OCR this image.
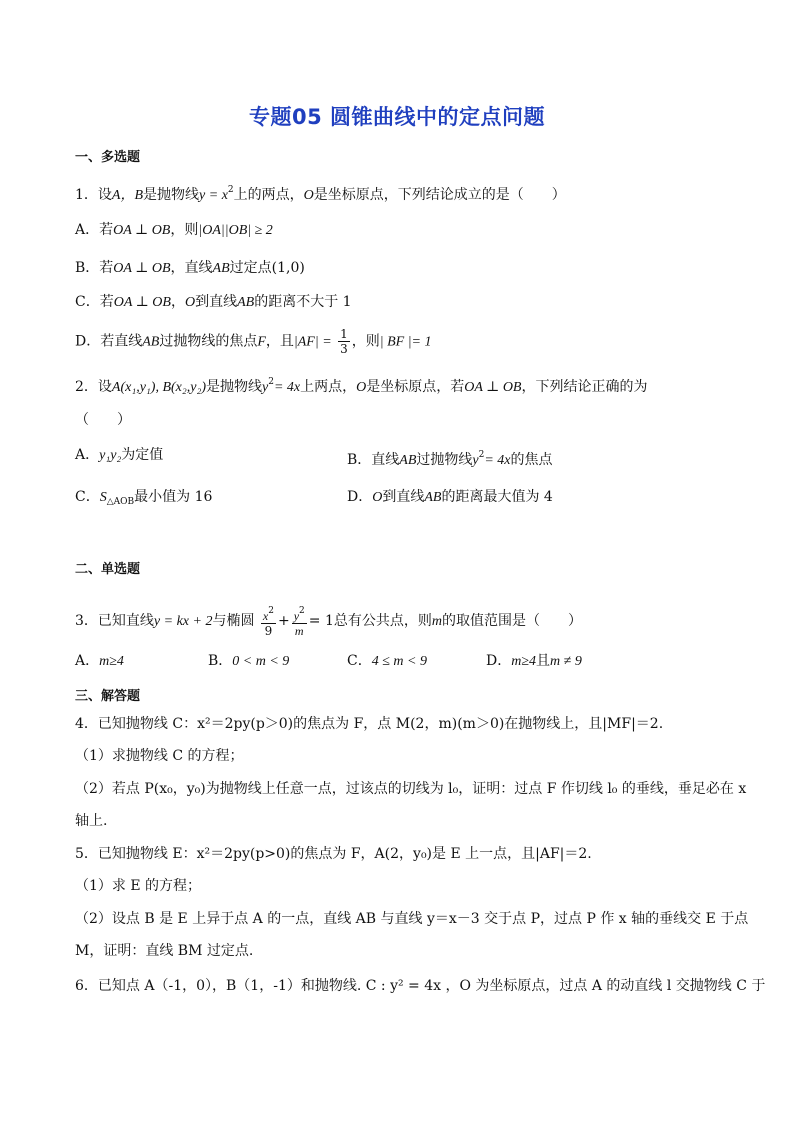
专题05 圆锥曲线中的定点问题
一、多选题
1．设A，B是抛物线$y = x^2$上的两点，O是坐标原点，下列结论成立的是（　　）
A．若OA ⊥ OB，则|OA||OB| ≥ 2
B．若OA ⊥ OB，直线AB过定点(1,0)
C．若OA ⊥ OB，O到直线AB的距离不大于 1
D．若直线AB过抛物线的焦点F，且$|AF| = \frac{1}{3}$ ，则| BF |= 1
2．设A(x₁,y₁), B(x₂,y₂)是抛物线$y^2= 4x$上两点，O是坐标原点，若OA ⊥ OB，下列结论正确的为
（　　）
A．y₁y₂为定值	B．直线AB过抛物线$y^2= 4x$的焦点
C．$S_{\triangle AOB}$最小值为 16	D．O到直线AB的距离最大值为 4
二、单选题
3．已知直线y = kx + 2与椭圆 $\frac{x^2}{9} + \frac{y^2}{m} = 1$总有公共点，则m的取值范围是（　　）
A．m≥4	B．0 < m < 9	C．4 ≤ m < 9	D．m≥4且m ≠ 9
三、解答题
4．已知抛物线 C：x²＝2py(p＞0)的焦点为 F，点 M(2，m)(m＞0)在抛物线上，且|MF|＝2.
（1）求抛物线 C 的方程；
（2）若点 P(x₀，y₀)为抛物线上任意一点，过该点的切线为 l₀，证明：过点 F 作切线 l₀ 的垂线，垂足必在 x
轴上.
5．已知抛物线 E：x²＝2py(p>0)的焦点为 F，A(2，y₀)是 E 上一点，且|AF|＝2.
（1）求 E 的方程；
（2）设点 B 是 E 上异于点 A 的一点，直线 AB 与直线 y＝x－3 交于点 P，过点 P 作 x 轴的垂线交 E 于点
M，证明：直线 BM 过定点.
6．已知点 A（-1，0），B（1，-1）和抛物线. C : y² = 4x ，O 为坐标原点，过点 A 的动直线 l 交抛物线 C 于
